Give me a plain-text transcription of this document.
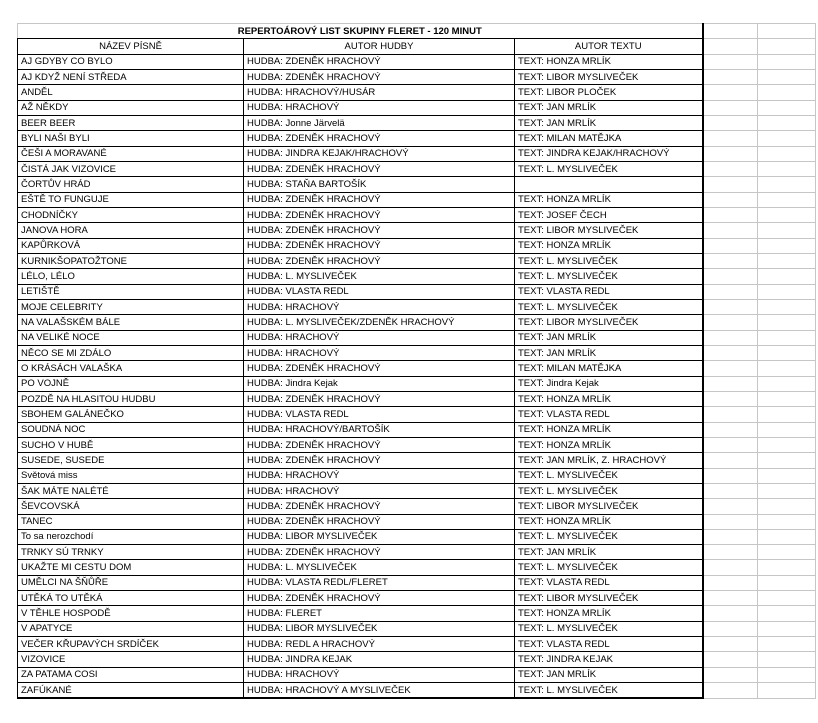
REPERTOÁROVÝ LIST SKUPINY FLERET - 120 MINUT				
NÁZEV PÍSNĚ	AUTOR HUDBY	AUTOR TEXTU		
AJ GDYBY CO BYLO	HUDBA: ZDENĚK HRACHOVÝ	TEXT: HONZA MRLÍK		
AJ KDYŽ NENÍ STŘEDA	HUDBA: ZDENĚK HRACHOVÝ	TEXT: LIBOR MYSLIVEČEK		
ANDĚL	HUDBA: HRACHOVÝ/HUSÁR	TEXT: LIBOR PLOČEK		
AŽ NĚKDY	HUDBA: HRACHOVÝ	TEXT: JAN MRLÍK		
BEER BEER	HUDBA: Jonne Järvelä	TEXT: JAN MRLÍK		
BYLI NAŠI BYLI	HUDBA: ZDENĚK HRACHOVÝ	TEXT: MILAN MATĚJKA		
ČEŠI A MORAVANÉ	HUDBA: JINDRA KEJAK/HRACHOVÝ	TEXT: JINDRA KEJAK/HRACHOVÝ		
ČISTÁ JAK VIZOVICE	HUDBA: ZDENĚK HRACHOVÝ	TEXT: L. MYSLIVEČEK		
ČORTŮV HRÁD	HUDBA: STAŇA BARTOŠÍK			
EŠTĚ TO FUNGUJE	HUDBA: ZDENĚK HRACHOVÝ	TEXT: HONZA MRLÍK		
CHODNÍČKY	HUDBA: ZDENĚK HRACHOVÝ	TEXT: JOSEF ČECH		
JANOVA HORA	HUDBA: ZDENĚK HRACHOVÝ	TEXT: LIBOR MYSLIVEČEK		
KAPŮRKOVÁ	HUDBA: ZDENĚK HRACHOVÝ	TEXT: HONZA MRLÍK		
KURNIKŠOPATOŽTONE	HUDBA: ZDENĚK HRACHOVÝ	TEXT: L. MYSLIVEČEK		
LÉLO, LÉLO	HUDBA: L. MYSLIVEČEK	TEXT: L. MYSLIVEČEK		
LETIŠTĚ	HUDBA: VLASTA REDL	TEXT: VLASTA REDL		
MOJE CELEBRITY	HUDBA: HRACHOVÝ	TEXT: L. MYSLIVEČEK		
NA VALAŠSKÉM BÁLE	HUDBA: L. MYSLIVEČEK/ZDENĚK HRACHOVÝ	TEXT: LIBOR MYSLIVEČEK		
NA VELIKÉ NOCE	HUDBA: HRACHOVÝ	TEXT: JAN MRLÍK		
NĚCO SE MI ZDÁLO	HUDBA: HRACHOVÝ	TEXT: JAN MRLÍK		
O KRÁSÁCH VALAŠKA	HUDBA: ZDENĚK HRACHOVÝ	TEXT: MILAN MATĚJKA		
PO VOJNĚ	HUDBA: Jindra Kejak	TEXT: Jindra Kejak		
POZDĚ NA HLASITOU HUDBU	HUDBA: ZDENĚK HRACHOVÝ	TEXT: HONZA MRLÍK		
SBOHEM GALÁNEČKO	HUDBA: VLASTA REDL	TEXT: VLASTA REDL		
SOUDNÁ NOC	HUDBA: HRACHOVÝ/BARTOŠÍK	TEXT: HONZA MRLÍK		
SUCHO V HUBĚ	HUDBA: ZDENĚK HRACHOVÝ	TEXT: HONZA MRLÍK		
SUSEDE, SUSEDE	HUDBA: ZDENĚK HRACHOVÝ	TEXT: JAN MRLÍK, Z. HRACHOVÝ		
Světová miss	HUDBA: HRACHOVÝ	TEXT: L. MYSLIVEČEK		
ŠAK MÁTE NALÉTÉ	HUDBA: HRACHOVÝ	TEXT: L. MYSLIVEČEK		
ŠEVCOVSKÁ	HUDBA: ZDENĚK HRACHOVÝ	TEXT: LIBOR MYSLIVEČEK		
TANEC	HUDBA: ZDENĚK HRACHOVÝ	TEXT: HONZA MRLÍK		
To sa nerozchodí	HUDBA: LIBOR MYSLIVEČEK	TEXT: L. MYSLIVEČEK		
TRNKY SÚ TRNKY	HUDBA: ZDENĚK HRACHOVÝ	TEXT: JAN MRLÍK		
UKAŽTE MI CESTU DOM	HUDBA: L. MYSLIVEČEK	TEXT: L. MYSLIVEČEK		
UMĚLCI NA ŠŇŮŘE	HUDBA: VLASTA REDL/FLERET	TEXT: VLASTA REDL		
UTĚKÁ TO UTĚKÁ	HUDBA: ZDENĚK HRACHOVÝ	TEXT: LIBOR MYSLIVEČEK		
V TĚHLE HOSPODĚ	HUDBA: FLERET	TEXT: HONZA MRLÍK		
V APATYCE	HUDBA: LIBOR MYSLIVEČEK	TEXT: L. MYSLIVEČEK		
VEČER KŘUPAVÝCH SRDÍČEK	HUDBA: REDL A HRACHOVÝ	TEXT: VLASTA REDL		
VIZOVICE	HUDBA: JINDRA KEJAK	TEXT: JINDRA KEJAK		
ZA PATAMA COSI	HUDBA: HRACHOVÝ	TEXT: JAN MRLÍK		
ZAFÚKANÉ	HUDBA: HRACHOVÝ A MYSLIVEČEK	TEXT: L. MYSLIVEČEK		
